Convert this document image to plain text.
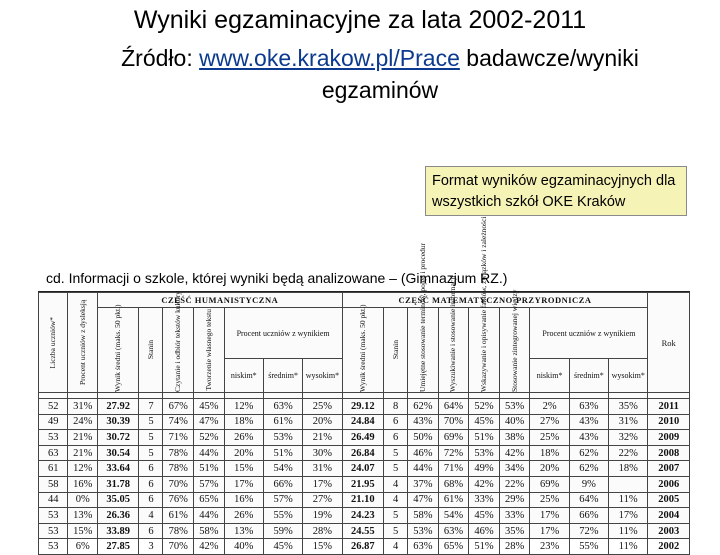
Wyniki egzaminacyjne za lata 2002-2011
Źródło: www.oke.krakow.pl/Prace badawcze/wyniki egzaminów
Format wyników egzaminacyjnych dla wszystkich szkół OKE Kraków
cd. Informacji o szkole, której wyniki będą analizowane – (Gimnazjum RZ.)
Liczba uczniów*	Procent uczniów z dysleksją	CZĘŚĆ HUMANISTYCZNA							CZĘŚĆ MATEMATYCZNO-PRZYRODNICZA									Rok

		Wynik średni (maks. 50 pkt.)	Stanin	Czytanie i odbiór tekstów kultury	Tworzenie własnego tekstu	Procent uczniów z wynikiem			Wynik średni (maks. 50 pkt.)	Stanin	Umiejętne stosowanie terminów, pojęć i procedur	Wyszukiwanie i stosowanie informacji	Wskazywanie i opisywanie faktów, związków i zależności	Stosowanie zintegrowanej wiedzy	Procent uczniów z wynikiem			
						niskim*	średnim*	wysokim*							niskim*	średnim*	wysokim*	

52	31%	27.92	7	67%	45%	12%	63%	25%	29.12	8	62%	64%	52%	53%	2%	63%	35%	2011
49	24%	30.39	5	74%	47%	18%	61%	20%	24.84	6	43%	70%	45%	40%	27%	43%	31%	2010
53	21%	30.72	5	71%	52%	26%	53%	21%	26.49	6	50%	69%	51%	38%	25%	43%	32%	2009
63	21%	30.54	5	78%	44%	20%	51%	30%	26.84	5	46%	72%	53%	42%	18%	62%	22%	2008
61	12%	33.64	6	78%	51%	15%	54%	31%	24.07	5	44%	71%	49%	34%	20%	62%	18%	2007
58	16%	31.78	6	70%	57%	17%	66%	17%	21.95	4	37%	68%	42%	22%	69%	9%		2006
44	0%	35.05	6	76%	65%	16%	57%	27%	21.10	4	47%	61%	33%	29%	25%	64%	11%	2005
53	13%	26.36	4	61%	44%	26%	55%	19%	24.23	5	58%	54%	45%	33%	17%	66%	17%	2004
53	15%	33.89	6	78%	58%	13%	59%	28%	24.55	5	53%	63%	46%	35%	17%	72%	11%	2003
53	6%	27.85	3	70%	42%	40%	45%	15%	26.87	4	63%	65%	51%	28%	23%	55%	11%	2002
